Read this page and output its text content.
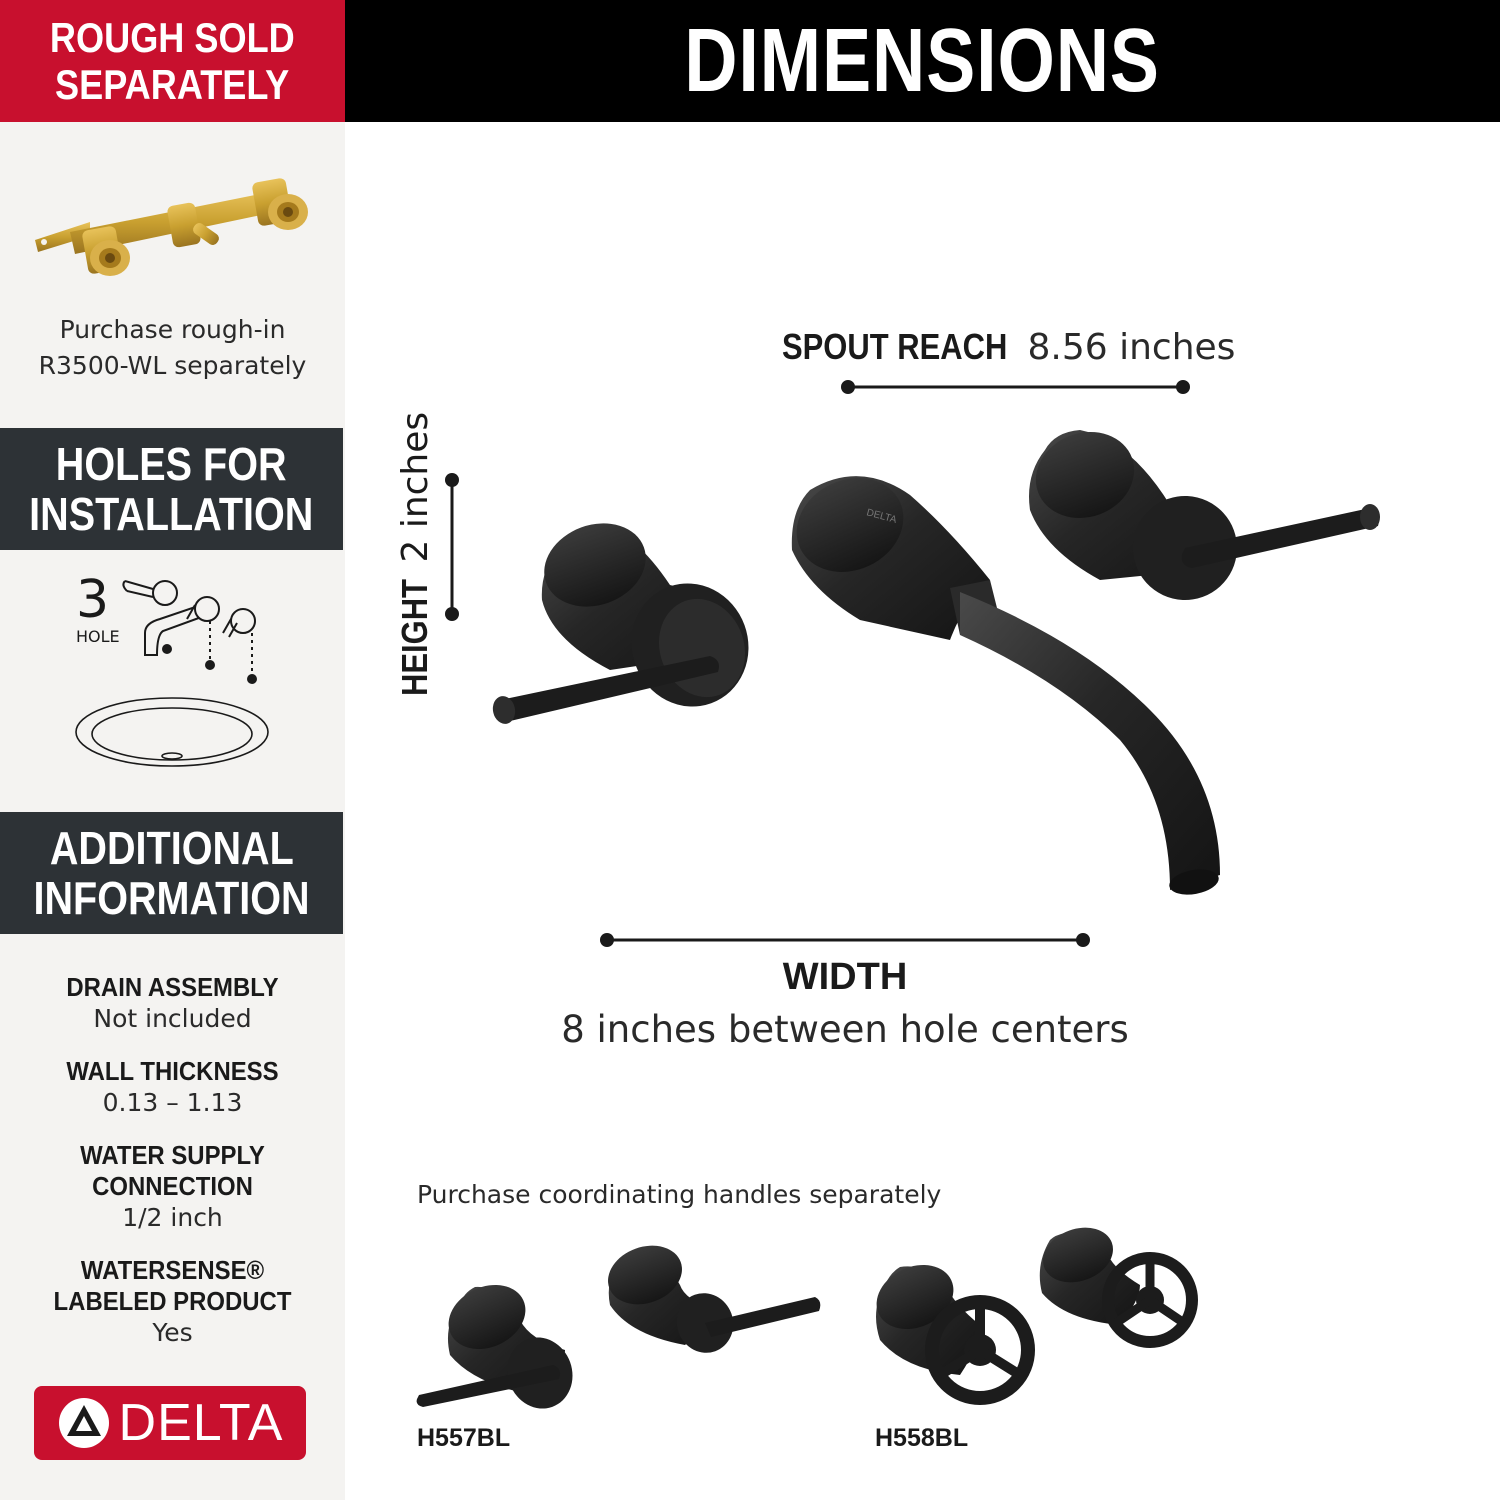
ROUGH SOLD
SEPARATELY
Purchase rough-in
R3500-WL separately
HOLES FOR
INSTALLATION
3
HOLE
ADDITIONAL
INFORMATION
DRAIN ASSEMBLY
Not included
WALL THICKNESS
0.13 – 1.13
WATER SUPPLY
CONNECTION
1/2 inch
WATERSENSE®
LABELED PRODUCT
Yes
DELTA
DIMENSIONS
SPOUT REACH 8.56 inches
HEIGHT 2 inches	DELTA
WIDTH
8 inches between hole centers
Purchase coordinating handles separately
H557BL	H558BL
